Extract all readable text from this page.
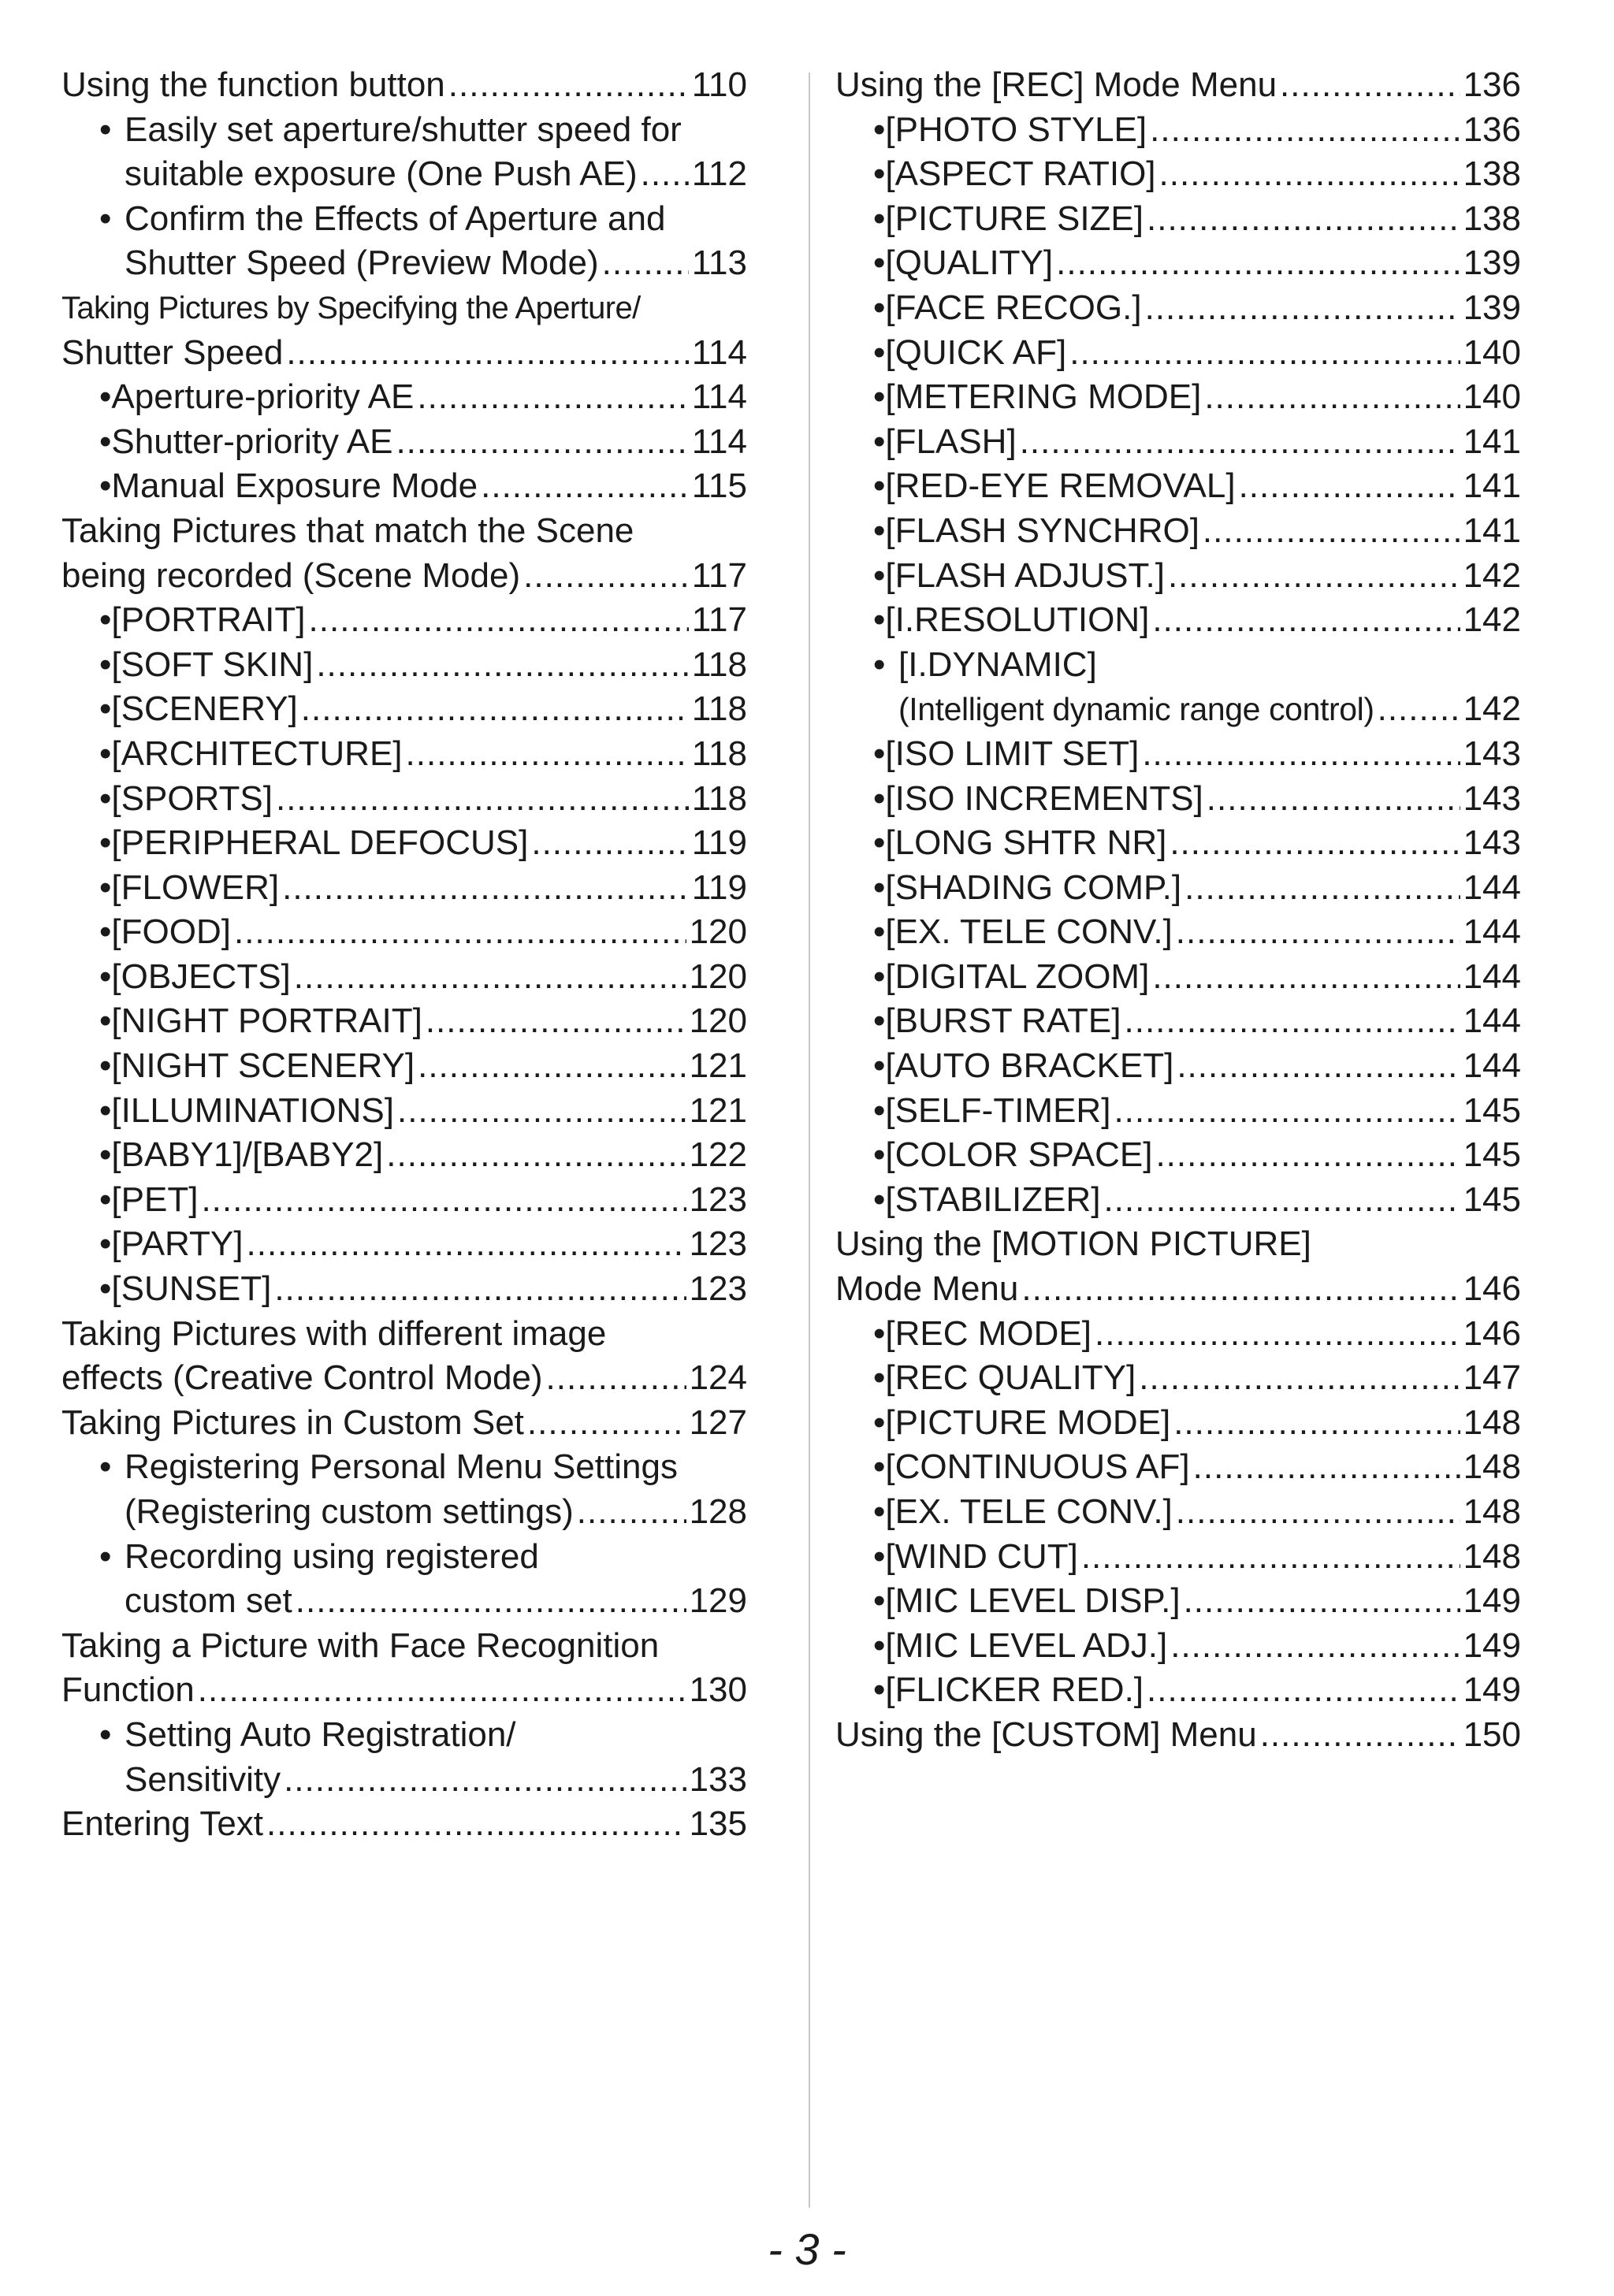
Using the function button .....	110
• Easily set aperture/shutter speed for
suitable exposure (One Push AE) ..... 112
• Confirm the Effects of Aperture and
Shutter Speed (Preview Mode) .....	113
Taking Pictures by Specifying the Aperture/
Shutter Speed .....	114
• Aperture-priority AE .....	114
• Shutter-priority AE .....	114
• Manual Exposure Mode .....	115
Taking Pictures that match the Scene
being recorded (Scene Mode) .....	117
• [PORTRAIT] .....	117
• [SOFT SKIN] .....	118
• [SCENERY] .....	118
• [ARCHITECTURE] .....	118
• [SPORTS] .....	118
• [PERIPHERAL DEFOCUS] .....	119
• [FLOWER] .....	119
• [FOOD] .....	120
• [OBJECTS] .....	120
• [NIGHT PORTRAIT] .....	120
• [NIGHT SCENERY] .....	121
• [ILLUMINATIONS] .....	121
• [BABY1]/[BABY2] .....	122
• [PET] .....	123
• [PARTY] .....	123
• [SUNSET] .....	123
Taking Pictures with different image
effects (Creative Control Mode) .....	124
Taking Pictures in Custom Set .....	127
• Registering Personal Menu Settings
(Registering custom settings) .....	128
• Recording using registered
custom set .....	129
Taking a Picture with Face Recognition
Function .....	130
• Setting Auto Registration/
Sensitivity .....	133
Entering Text .....	135
Using the [REC] Mode Menu .....	136
• [PHOTO STYLE] .....	136
• [ASPECT RATIO] .....	138
• [PICTURE SIZE] .....	138
• [QUALITY] .....	139
• [FACE RECOG.] .....	139
• [QUICK AF] .....	140
• [METERING MODE] .....	140
• [FLASH] .....	141
• [RED-EYE REMOVAL] .....	141
• [FLASH SYNCHRO] .....	141
• [FLASH ADJUST.] .....	142
• [I.RESOLUTION] .....	142
• [I.DYNAMIC]
(Intelligent dynamic range control) .....	142
• [ISO LIMIT SET] .....	143
• [ISO INCREMENTS] .....	143
• [LONG SHTR NR] .....	143
• [SHADING COMP.] .....	144
• [EX. TELE CONV.] .....	144
• [DIGITAL ZOOM] .....	144
• [BURST RATE] .....	144
• [AUTO BRACKET] .....	144
• [SELF-TIMER] .....	145
• [COLOR SPACE] .....	145
• [STABILIZER] .....	145
Using the [MOTION PICTURE]
Mode Menu .....	146
• [REC MODE] .....	146
• [REC QUALITY] .....	147
• [PICTURE MODE] .....	148
• [CONTINUOUS AF] .....	148
• [EX. TELE CONV.] .....	148
• [WIND CUT] .....	148
• [MIC LEVEL DISP.] .....	149
• [MIC LEVEL ADJ.] .....	149
• [FLICKER RED.] .....	149
Using the [CUSTOM] Menu .....	150
- 3 -
